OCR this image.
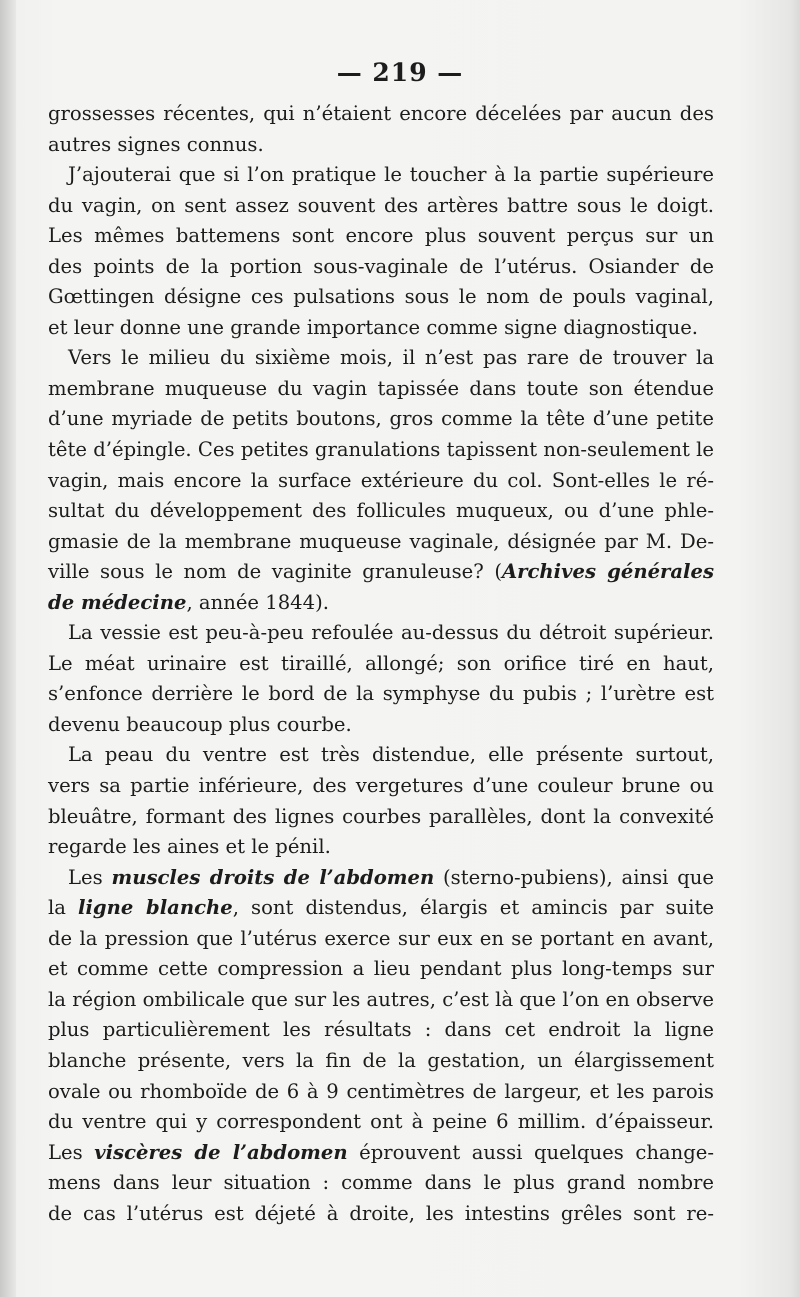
— 219 —
grossesses récentes, qui n’étaient encore décelées par aucun des
autres signes connus.
J’ajouterai que si l’on pratique le toucher à la partie supérieure
du vagin, on sent assez souvent des artères battre sous le doigt.
Les mêmes battemens sont encore plus souvent perçus sur un
des points de la portion sous-vaginale de l’utérus. Osiander de
Gœttingen désigne ces pulsations sous le nom de pouls vaginal,
et leur donne une grande importance comme signe diagnostique.
Vers le milieu du sixième mois, il n’est pas rare de trouver la
membrane muqueuse du vagin tapissée dans toute son étendue
d’une myriade de petits boutons, gros comme la tête d’une petite
tête d’épingle. Ces petites granulations tapissent non-seulement le
vagin, mais encore la surface extérieure du col. Sont-elles le ré-
sultat du développement des follicules muqueux, ou d’une phle-
gmasie de la membrane muqueuse vaginale, désignée par M. De-
ville sous le nom de vaginite granuleuse? (Archives générales
de médecine, année 1844).
La vessie est peu-à-peu refoulée au-dessus du détroit supérieur.
Le méat urinaire est tiraillé, allongé; son orifice tiré en haut,
s’enfonce derrière le bord de la symphyse du pubis ; l’urètre est
devenu beaucoup plus courbe.
La peau du ventre est très distendue, elle présente surtout,
vers sa partie inférieure, des vergetures d’une couleur brune ou
bleuâtre, formant des lignes courbes parallèles, dont la convexité
regarde les aines et le pénil.
Les muscles droits de l’abdomen (sterno-pubiens), ainsi que
la ligne blanche, sont distendus, élargis et amincis par suite
de la pression que l’utérus exerce sur eux en se portant en avant,
et comme cette compression a lieu pendant plus long-temps sur
la région ombilicale que sur les autres, c’est là que l’on en observe
plus particulièrement les résultats : dans cet endroit la ligne
blanche présente, vers la fin de la gestation, un élargissement
ovale ou rhomboïde de 6 à 9 centimètres de largeur, et les parois
du ventre qui y correspondent ont à peine 6 millim. d’épaisseur.
Les viscères de l’abdomen éprouvent aussi quelques change-
mens dans leur situation : comme dans le plus grand nombre
de cas l’utérus est déjeté à droite, les intestins grêles sont re-
